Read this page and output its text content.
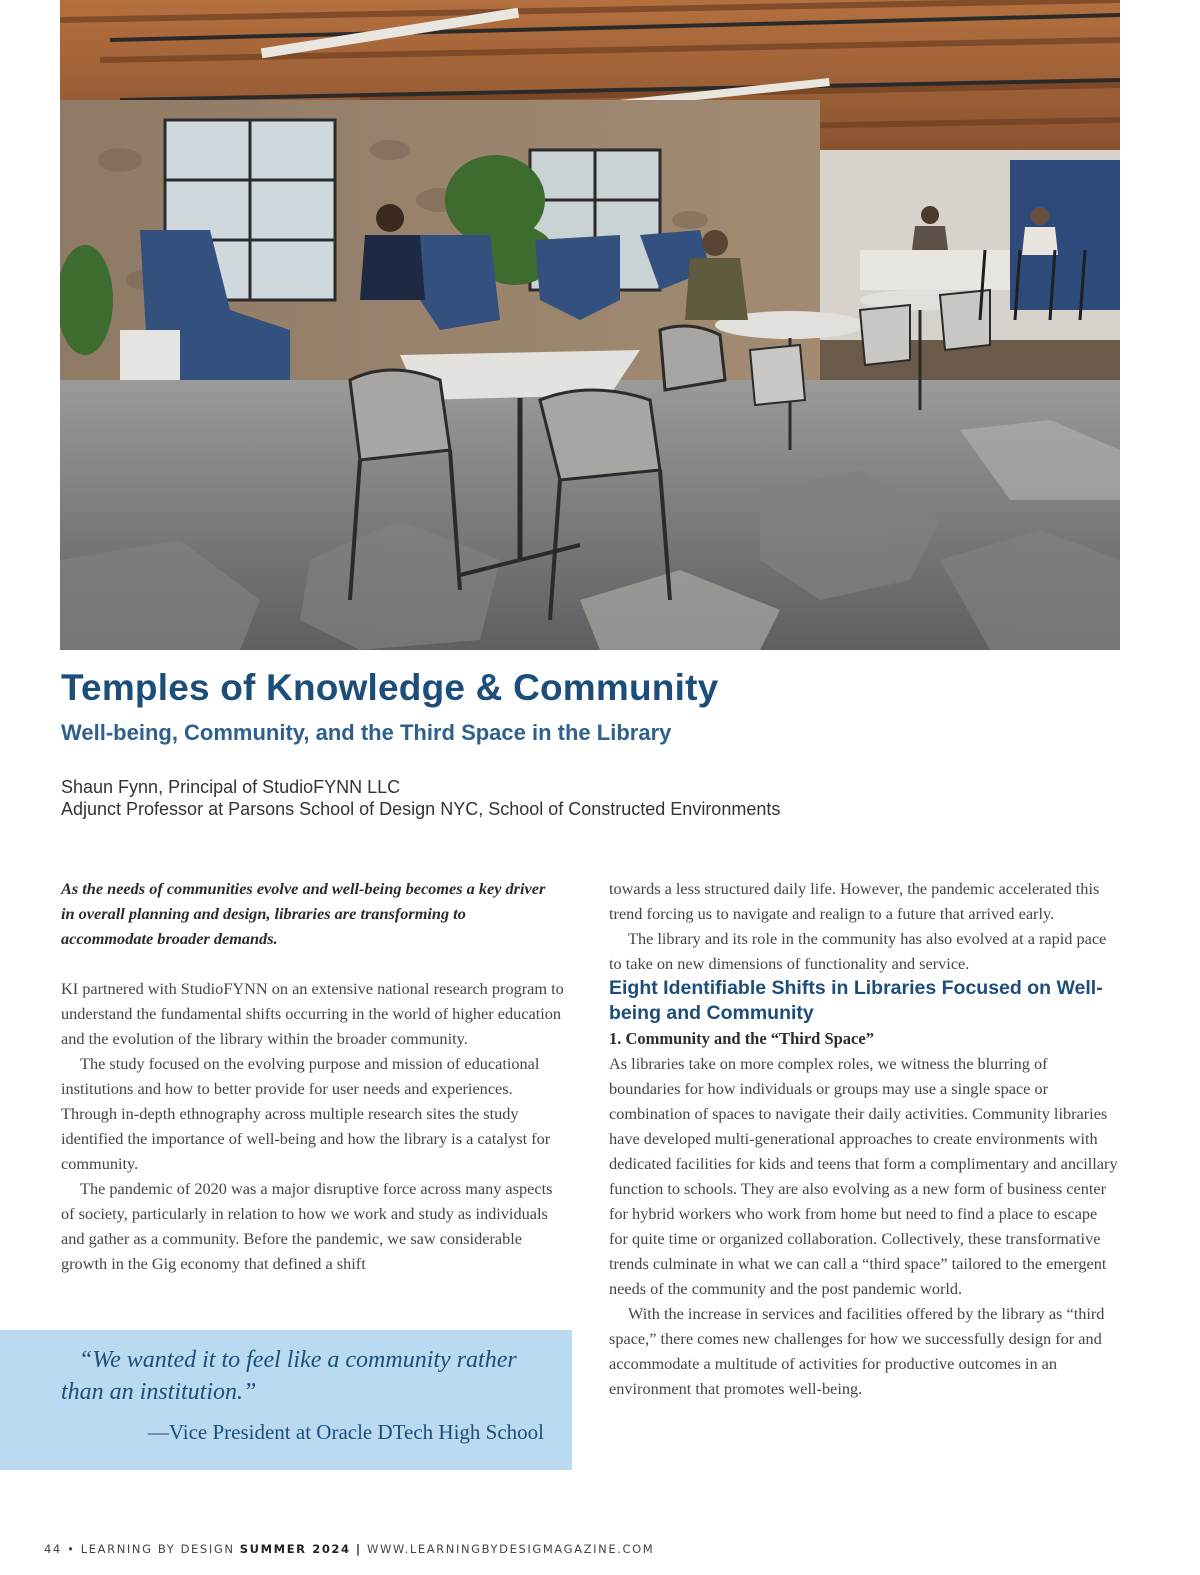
Temples of Knowledge & Community
Well-being, Community, and the Third Space in the Library
Shaun Fynn, Principal of StudioFYNN LLC
Adjunct Professor at Parsons School of Design NYC, School of Constructed Environments

As the needs of communities evolve and well-being becomes a key driver in overall planning and design, libraries are transforming to accommodate broader demands.

KI partnered with StudioFYNN on an extensive national research program to understand the fundamental shifts occurring in the world of higher education and the evolution of the library within the broader community.

The study focused on the evolving purpose and mission of educational institutions and how to better provide for user needs and experiences. Through in-depth ethnography across multiple research sites the study identified the importance of well-being and how the library is a catalyst for community.

The pandemic of 2020 was a major disruptive force across many aspects of society, particularly in relation to how we work and study as individuals and gather as a community. Before the pandemic, we saw considerable growth in the Gig economy that defined a shift

towards a less structured daily life. However, the pandemic accelerated this trend forcing us to navigate and realign to a future that arrived early.

The library and its role in the community has also evolved at a rapid pace to take on new dimensions of functionality and service.

Eight Identifiable Shifts in Libraries Focused on Well-being and Community

1. Community and the “Third Space”

As libraries take on more complex roles, we witness the blurring of boundaries for how individuals or groups may use a single space or combination of spaces to navigate their daily activities. Community libraries have developed multi-generational approaches to create environments with dedicated facilities for kids and teens that form a complimentary and ancillary function to schools. They are also evolving as a new form of business center for hybrid workers who work from home but need to find a place to escape for quite time or organized collaboration. Collectively, these transformative trends culminate in what we can call a “third space” tailored to the emergent needs of the community and the post pandemic world.

With the increase in services and facilities offered by the library as “third space,” there comes new challenges for how we successfully design for and accommodate a multitude of activities for productive outcomes in an environment that promotes well-being.

“We wanted it to feel like a community rather than an institution.”

—Vice President at Oracle DTech High School

44 • LEARNING BY DESIGN SUMMER 2024 | WWW.LEARNINGBYDESIGMAGAZINE.COM
